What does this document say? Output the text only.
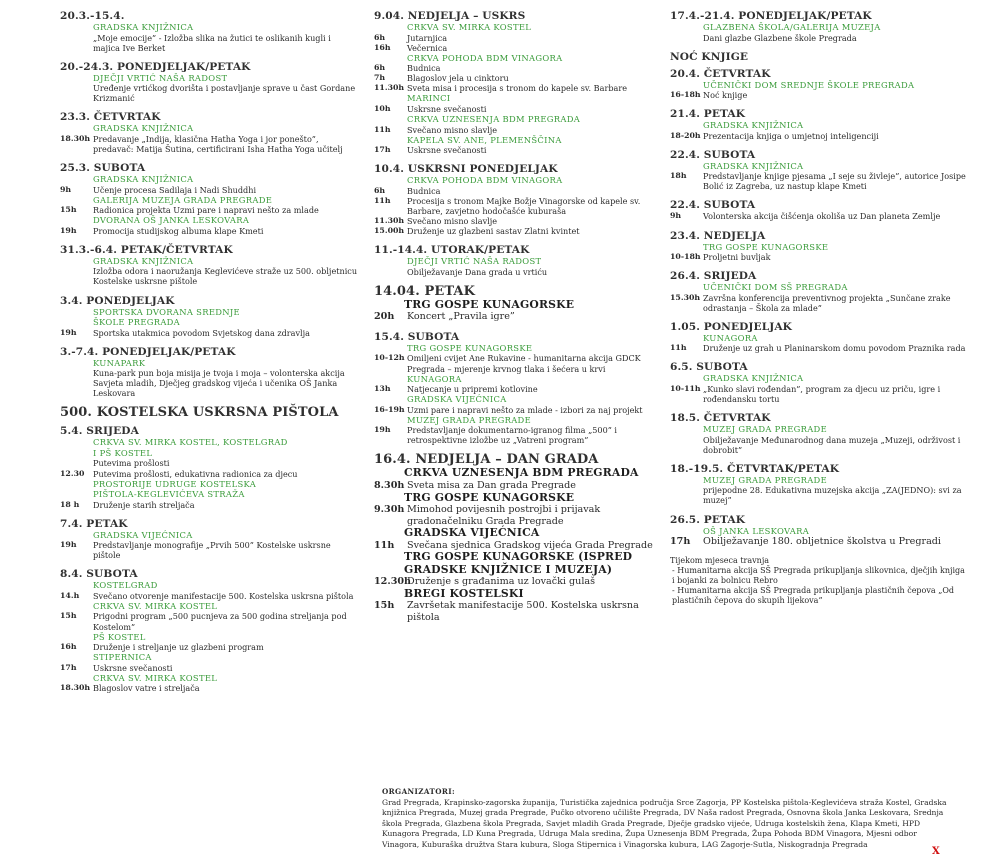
20.3.-15.4.
GRADSKA KNJIŽNICA
„Moje emocije” - Izložba slika na žutici te oslikanih kugli i majica Ive Berket
20.-24.3. PONEDJELJAK/PETAK
DJEČJI VRTIĆ NAŠA RADOST
Uređenje vrtićkog dvorišta i postavljanje sprave u čast Gordane Krizmanić
23.3. ČETVRTAK
GRADSKA KNJIŽNICA
18.30h Predavanje „Indija, klasična Hatha Yoga i jor ponešto”, predavač: Matija Šutina, certificirani Isha Hatha Yoga učitelj
25.3. SUBOTA
GRADSKA KNJIŽNICA
9h	Učenje procesa Sadilaja i Nadi Shuddhi
GALERIJA MUZEJA GRADA PREGRADE
15h	Radionica projekta Uzmi pare i napravi nešto za mlade
DVORANA OŠ JANKA LESKOVARA
19h	Promocija studijskog albuma klape Kmeti
31.3.-6.4. PETAK/ČETVRTAK
GRADSKA KNJIŽNICA
Izložba odora i naoružanja Keglevićeve straže uz 500. obljetnicu Kostelske uskrsne pištole
3.4. PONEDJELJAK
SPORTSKA DVORANA SREDNJE
ŠKOLE PREGRADA
19h	Sportska utakmica povodom Svjetskog dana zdravlja
3.-7.4. PONEDJELJAK/PETAK
KUNAPARK
Kuna-park pun boja misija je tvoja i moja – volonterska akcija Savjeta mladih, Dječjeg gradskog vijeća i učenika OŠ Janka Leskovara
500. KOSTELSKA USKRSNA PIŠTOLA
5.4. SRIJEDA
CRKVA SV. MIRKA KOSTEL, KOSTELGRAD
I PŠ KOSTEL
Putevima prošlosti
12.30	Putevima prošlosti, edukativna radionica za djecu
PROSTORIJE UDRUGE KOSTELSKA
PIŠTOLA-KEGLEVIĆEVA STRAŽA
18 h	Druženje starih streljača
7.4. PETAK
GRADSKA VIJEĆNICA
19h	Predstavljanje monografije „Prvih 500” Kostelske uskrsne pištole
8.4. SUBOTA
KOSTELGRAD
14.h	Svečano otvorenje manifestacije 500. Kostelska uskrsna pištola
CRKVA SV. MIRKA KOSTEL
15h	Prigodni program „500 pucnjeva za 500 godina streljanja pod Kostelom”
PŠ KOSTEL
16h	Druženje i streljanje uz glazbeni program
STIPERNICA
17h	Uskrsne svečanosti
CRKVA SV. MIRKA KOSTEL
18.30h Blagoslov vatre i streljača
9.04. NEDJELJA – USKRS
CRKVA SV. MIRKA KOSTEL
6h	Jutarnjica
16h	Večernica
CRKVA POHODA BDM VINAGORA
6h	Budnica
7h	Blagoslov jela u cinktoru
11.30h Sveta misa i procesija s tronom do kapele sv. Barbare
MARINCI
10h	Uskrsne svečanosti
CRKVA UZNESENJA BDM PREGRADA
11h	Svečano misno slavlje
KAPELA SV. ANE, PLEMENŠČINA
17h	Uskrsne svečanosti
10.4. USKRSNI PONEDJELJAK
CRKVA POHODA BDM VINAGORA
6h	Budnica
11h	Procesija s tronom Majke Božje Vinagorske od kapele sv. Barbare, zavjetno hodočašće kuburaša
11.30h Svečano misno slavlje
15.00h Druženje uz glazbeni sastav Zlatni kvintet
11.-14.4. UTORAK/PETAK
DJEČJI VRTIĆ NAŠA RADOST
Obilježavanje Dana grada u vrtiću
14.04. PETAK
TRG GOSPE KUNAGORSKE
20h	Koncert „Pravila igre”
15.4. SUBOTA
TRG GOSPE KUNAGORSKE
10-12h Omiljeni cvijet Ane Rukavine - humanitarna akcija GDCK Pregrada – mjerenje krvnog tlaka i šećera u krvi
KUNAGORA
13h	Natjecanje u pripremi kotlovine
GRADSKA VIJEĆNICA
16-19h Uzmi pare i napravi nešto za mlade - izbori za naj projekt
MUZEJ GRADA PREGRADE
19h	Predstavljanje dokumentarno-igranog filma „500” i retrospektivne izložbe uz „Vatreni program”
16.4. NEDJELJA – DAN GRADA
CRKVA UZNESENJA BDM PREGRADA
8.30h Sveta misa za Dan grada Pregrade
TRG GOSPE KUNAGORSKE
9.30h Mimohod povijesnih postrojbi i prijavak gradonačelniku Grada Pregrade
GRADSKA VIJEĆNICA
11h	Svečana sjednica Gradskog vijeća Grada Pregrade
TRG GOSPE KUNAGORSKE (ISPRED GRADSKE KNJIŽNICE I MUZEJA)
12.30h
Druženje s građanima uz lovački gulaš
BREGI KOSTELSKI
15h	Završetak manifestacije 500. Kostelska uskrsna pištola
17.4.-21.4. PONEDJELJAK/PETAK
GLAZBENA ŠKOLA/GALERIJA MUZEJA
Dani glazbe Glazbene škole Pregrada
NOĆ KNJIGE
20.4. ČETVRTAK
UČENIČKI DOM SREDNJE ŠKOLE PREGRADA
16-18h Noć knjige
21.4. PETAK
GRADSKA KNJIŽNICA
18-20h Prezentacija knjiga o umjetnoj inteligenciji
22.4. SUBOTA
GRADSKA KNJIŽNICA
18h	Predstavljanje knjige pjesama „I seje su živleje”, autorice Josipe Bolić iz Zagreba, uz nastup klape Kmeti
22.4. SUBOTA
9h	Volonterska akcija čišćenja okoliša uz Dan planeta Zemlje
23.4. NEDJELJA
TRG GOSPE KUNAGORSKE
10-18h Proljetni buvljak
26.4. SRIJEDA
UČENIČKI DOM SŠ PREGRADA
15.30h Završna konferencija preventivnog projekta „Sunčane zrake odrastanja – Škola za mlade”
1.05. PONEDJELJAK
KUNAGORA
11h	Druženje uz grah u Planinarskom domu povodom Praznika rada
6.5. SUBOTA
GRADSKA KNJIŽNICA
10-11h „Kunko slavi rođendan”, program za djecu uz priču, igre i rođendansku tortu
18.5. ČETVRTAK
MUZEJ GRADA PREGRADE
Obilježavanje Međunarodnog dana muzeja „Muzeji, održivost i dobrobit”
18.-19.5. ČETVRTAK/PETAK
MUZEJ GRADA PREGRADE
prijepodne 28. Edukativna muzejska akcija „ZA(JEDNO): svi za muzej”
26.5. PETAK
OŠ JANKA LESKOVARA
17h	Obilježavanje 180. obljetnice školstva u Pregradi
Tijekom mjeseca travnja
- Humanitarna akcija SŠ Pregrada prikupljanja slikovnica, dječjih knjiga i bojanki za bolnicu Rebro
- Humanitarna akcija SŠ Pregrada prikupljanja plastičnih čepova „Od plastičnih čepova do skupih lijekova”
ORGANIZATORI:
Grad Pregrada, Krapinsko-zagorska županija, Turistička zajednica područja Srce Zagorja, PP Kostelska pištola-Keglevićeva straža Kostel, Gradska knjižnica Pregrada, Muzej grada Pregrade, Pučko otvoreno učilište Pregrada, DV Naša radost Pregrada, Osnovna škola Janka Leskovara, Srednja škola Pregrada, Glazbena škola Pregrada, Savjet mladih Grada Pregrade, Dječje gradsko vijeće, Udruga kostelskih žena, Klapa Kmeti, HPD Kunagora Pregrada, LD Kuna Pregrada, Udruga Mala sredina, Župa Uznesenja BDM Pregrada, Župa Pohoda BDM Vinagora, Mjesni odbor Vinagora, Kuburaška družtva Stara kubura, Sloga Stipernica i Vinagorska kubura, LAG Zagorje-Sutla, Niskogradnja Pregrada
X
